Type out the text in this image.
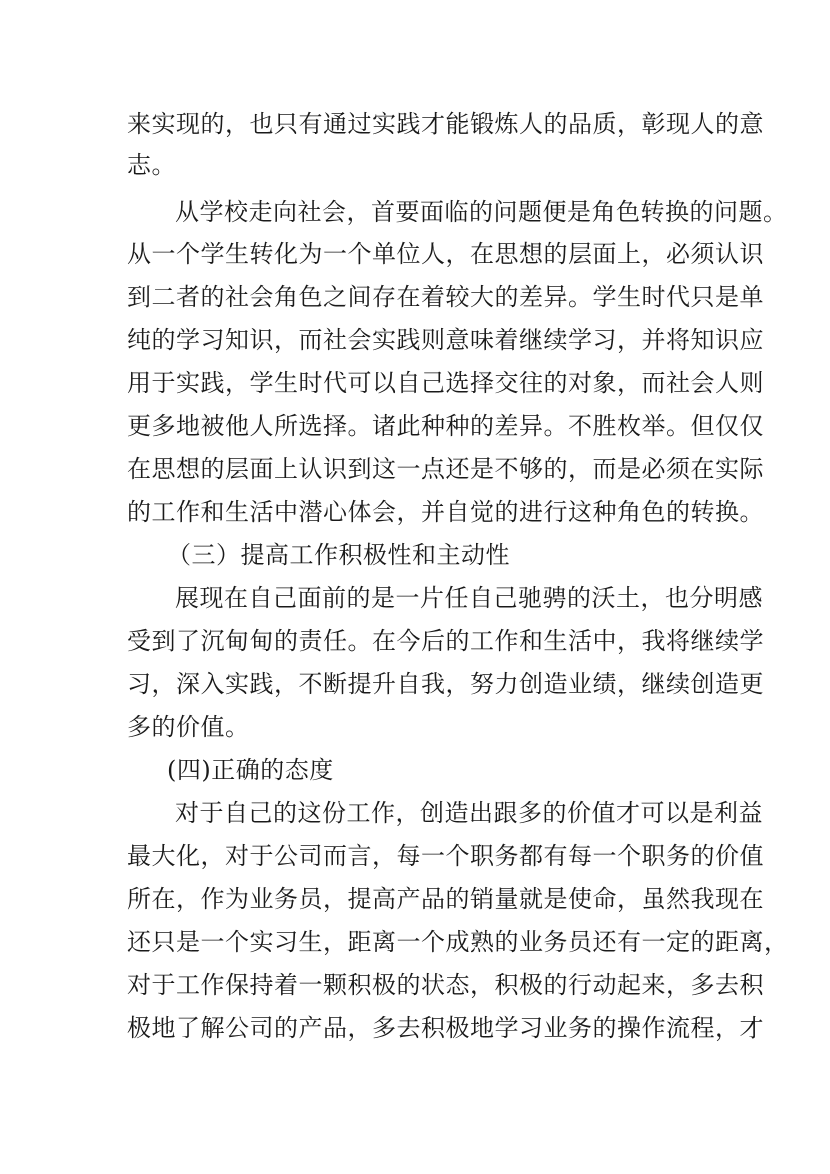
来实现的，也只有通过实践才能锻炼人的品质，彰现人的意
志。
从学校走向社会，首要面临的问题便是角色转换的问题。
从一个学生转化为一个单位人，在思想的层面上，必须认识
到二者的社会角色之间存在着较大的差异。学生时代只是单
纯的学习知识，而社会实践则意味着继续学习，并将知识应
用于实践，学生时代可以自己选择交往的对象，而社会人则
更多地被他人所选择。诸此种种的差异。不胜枚举。但仅仅
在思想的层面上认识到这一点还是不够的，而是必须在实际
的工作和生活中潜心体会，并自觉的进行这种角色的转换。
（三）提高工作积极性和主动性
展现在自己面前的是一片任自己驰骋的沃土，也分明感
受到了沉甸甸的责任。在今后的工作和生活中，我将继续学
习，深入实践，不断提升自我，努力创造业绩，继续创造更
多的价值。
(四)正确的态度
对于自己的这份工作，创造出跟多的价值才可以是利益
最大化，对于公司而言，每一个职务都有每一个职务的价值
所在，作为业务员，提高产品的销量就是使命，虽然我现在
还只是一个实习生，距离一个成熟的业务员还有一定的距离，
对于工作保持着一颗积极的状态，积极的行动起来，多去积
极地了解公司的产品，多去积极地学习业务的操作流程，才
